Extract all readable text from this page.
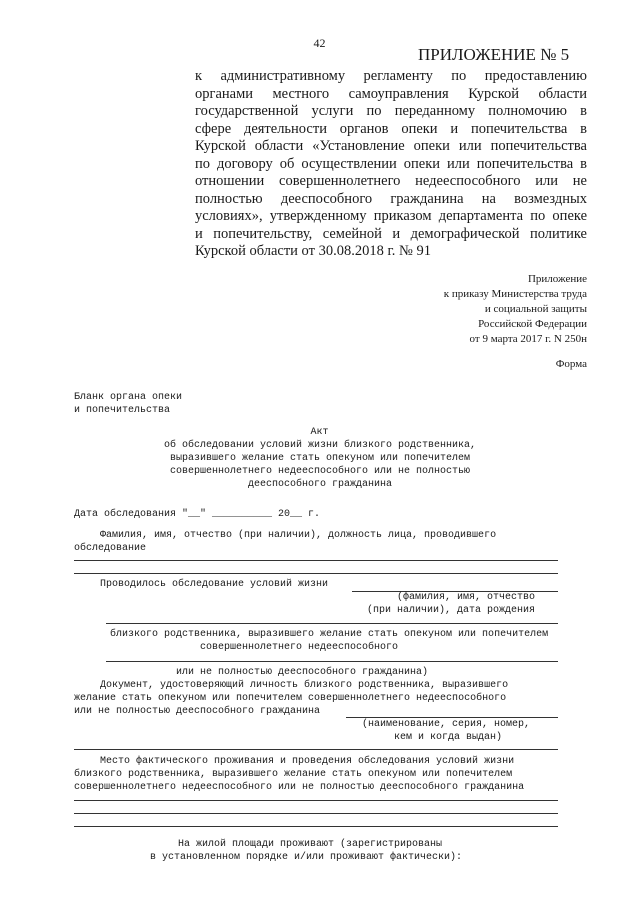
42
ПРИЛОЖЕНИЕ № 5
к административному регламенту по предоставлению
органами местного самоуправления Курской области
государственной услуги по переданному полномочию в
сфере деятельности органов опеки и попечительства в
Курской области «Установление опеки или попечительства
по договору об осуществлении опеки или попечительства в
отношении совершеннолетнего недееспособного или не
полностью дееспособного гражданина на возмездных
условиях», утвержденному приказом департамента по опеке
и попечительству, семейной и демографической политике
Курской области от 30.08.2018 г. № 91
Приложение
к приказу Министерства труда
и социальной защиты
Российской Федерации
от 9 марта 2017 г. N 250н
Форма
Бланк органа опеки
и попечительства
Акт
об обследовании условий жизни близкого родственника,
выразившего желание стать опекуном или попечителем
совершеннолетнего недееспособного или не полностью
дееспособного гражданина
Дата обследования "__" __________ 20__ г.
Фамилия, имя, отчество (при наличии), должность лица, проводившего
обследование
Проводилось обследование условий жизни
(фамилия, имя, отчество
(при наличии), дата рождения
близкого родственника, выразившего желание стать опекуном или попечителем
совершеннолетнего недееспособного
или не полностью дееспособного гражданина)
Документ, удостоверяющий личность близкого родственника, выразившего
желание стать опекуном или попечителем совершеннолетнего недееспособного
или не полностью дееспособного гражданина
(наименование, серия, номер,
кем и когда выдан)
Место фактического проживания и проведения обследования условий жизни
близкого родственника, выразившего желание стать опекуном или попечителем
совершеннолетнего недееспособного или не полностью дееспособного гражданина
На жилой площади проживают (зарегистрированы
в установленном порядке и/или проживают фактически):
